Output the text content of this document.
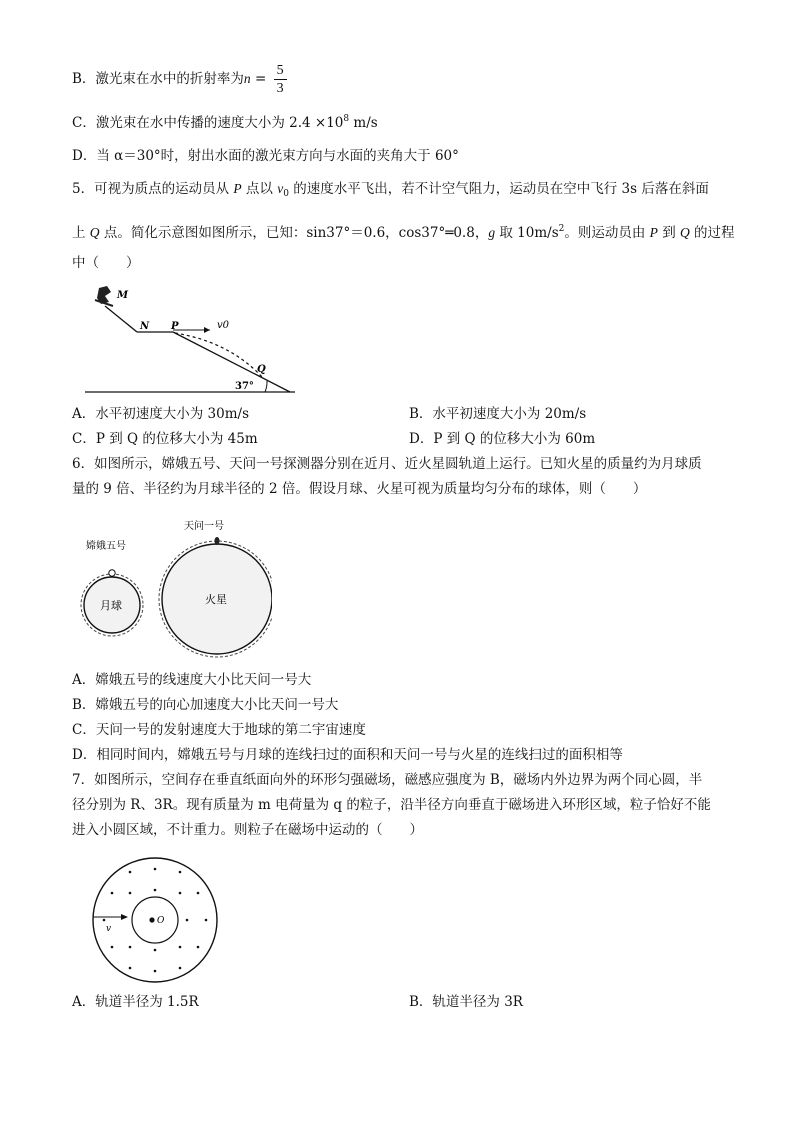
B．激光束在水中的折射率为$n = \frac{5}{3}$
C．激光束在水中传播的速度大小为 $2.4 \times 10^8$ m/s
D．当 α＝30°时，射出水面的激光束方向与水面的夹角大于 60°
5．可视为质点的运动员从 P 点以 $v_0$ 的速度水平飞出，若不计空气阻力，运动员在空中飞行 3s 后落在斜面
上 Q 点。简化示意图如图所示，已知：sin37°＝0.6，cos37°═0.8，g 取 $10m/s^2$。则运动员由 P 到 Q 的过程
中（　　）
M
N P	v0
Q
37°
A．水平初速度大小为 30m/s	B．水平初速度大小为 20m/s
C．P 到 Q 的位移大小为 45m	D．P 到 Q 的位移大小为 60m
6．如图所示，嫦娥五号、天问一号探测器分别在近月、近火星圆轨道上运行。已知火星的质量约为月球质
量的 9 倍、半径约为月球半径的 2 倍。假设月球、火星可视为质量均匀分布的球体，则（　　）
嫦娥五号
月球
天问一号
火星
A．嫦娥五号的线速度大小比天问一号大
B．嫦娥五号的向心加速度大小比天问一号大
C．天问一号的发射速度大于地球的第二宇宙速度
D．相同时间内，嫦娥五号与月球的连线扫过的面积和天问一号与火星的连线扫过的面积相等
7．如图所示，空间存在垂直纸面向外的环形匀强磁场，磁感应强度为 B，磁场内外边界为两个同心圆，半
径分别为 R、3R。现有质量为 m 电荷量为 q 的粒子，沿半径方向垂直于磁场进入环形区域，粒子恰好不能
进入小圆区域，不计重力。则粒子在磁场中运动的（　　）
O
v
A．轨道半径为 1.5R	B．轨道半径为 3R
